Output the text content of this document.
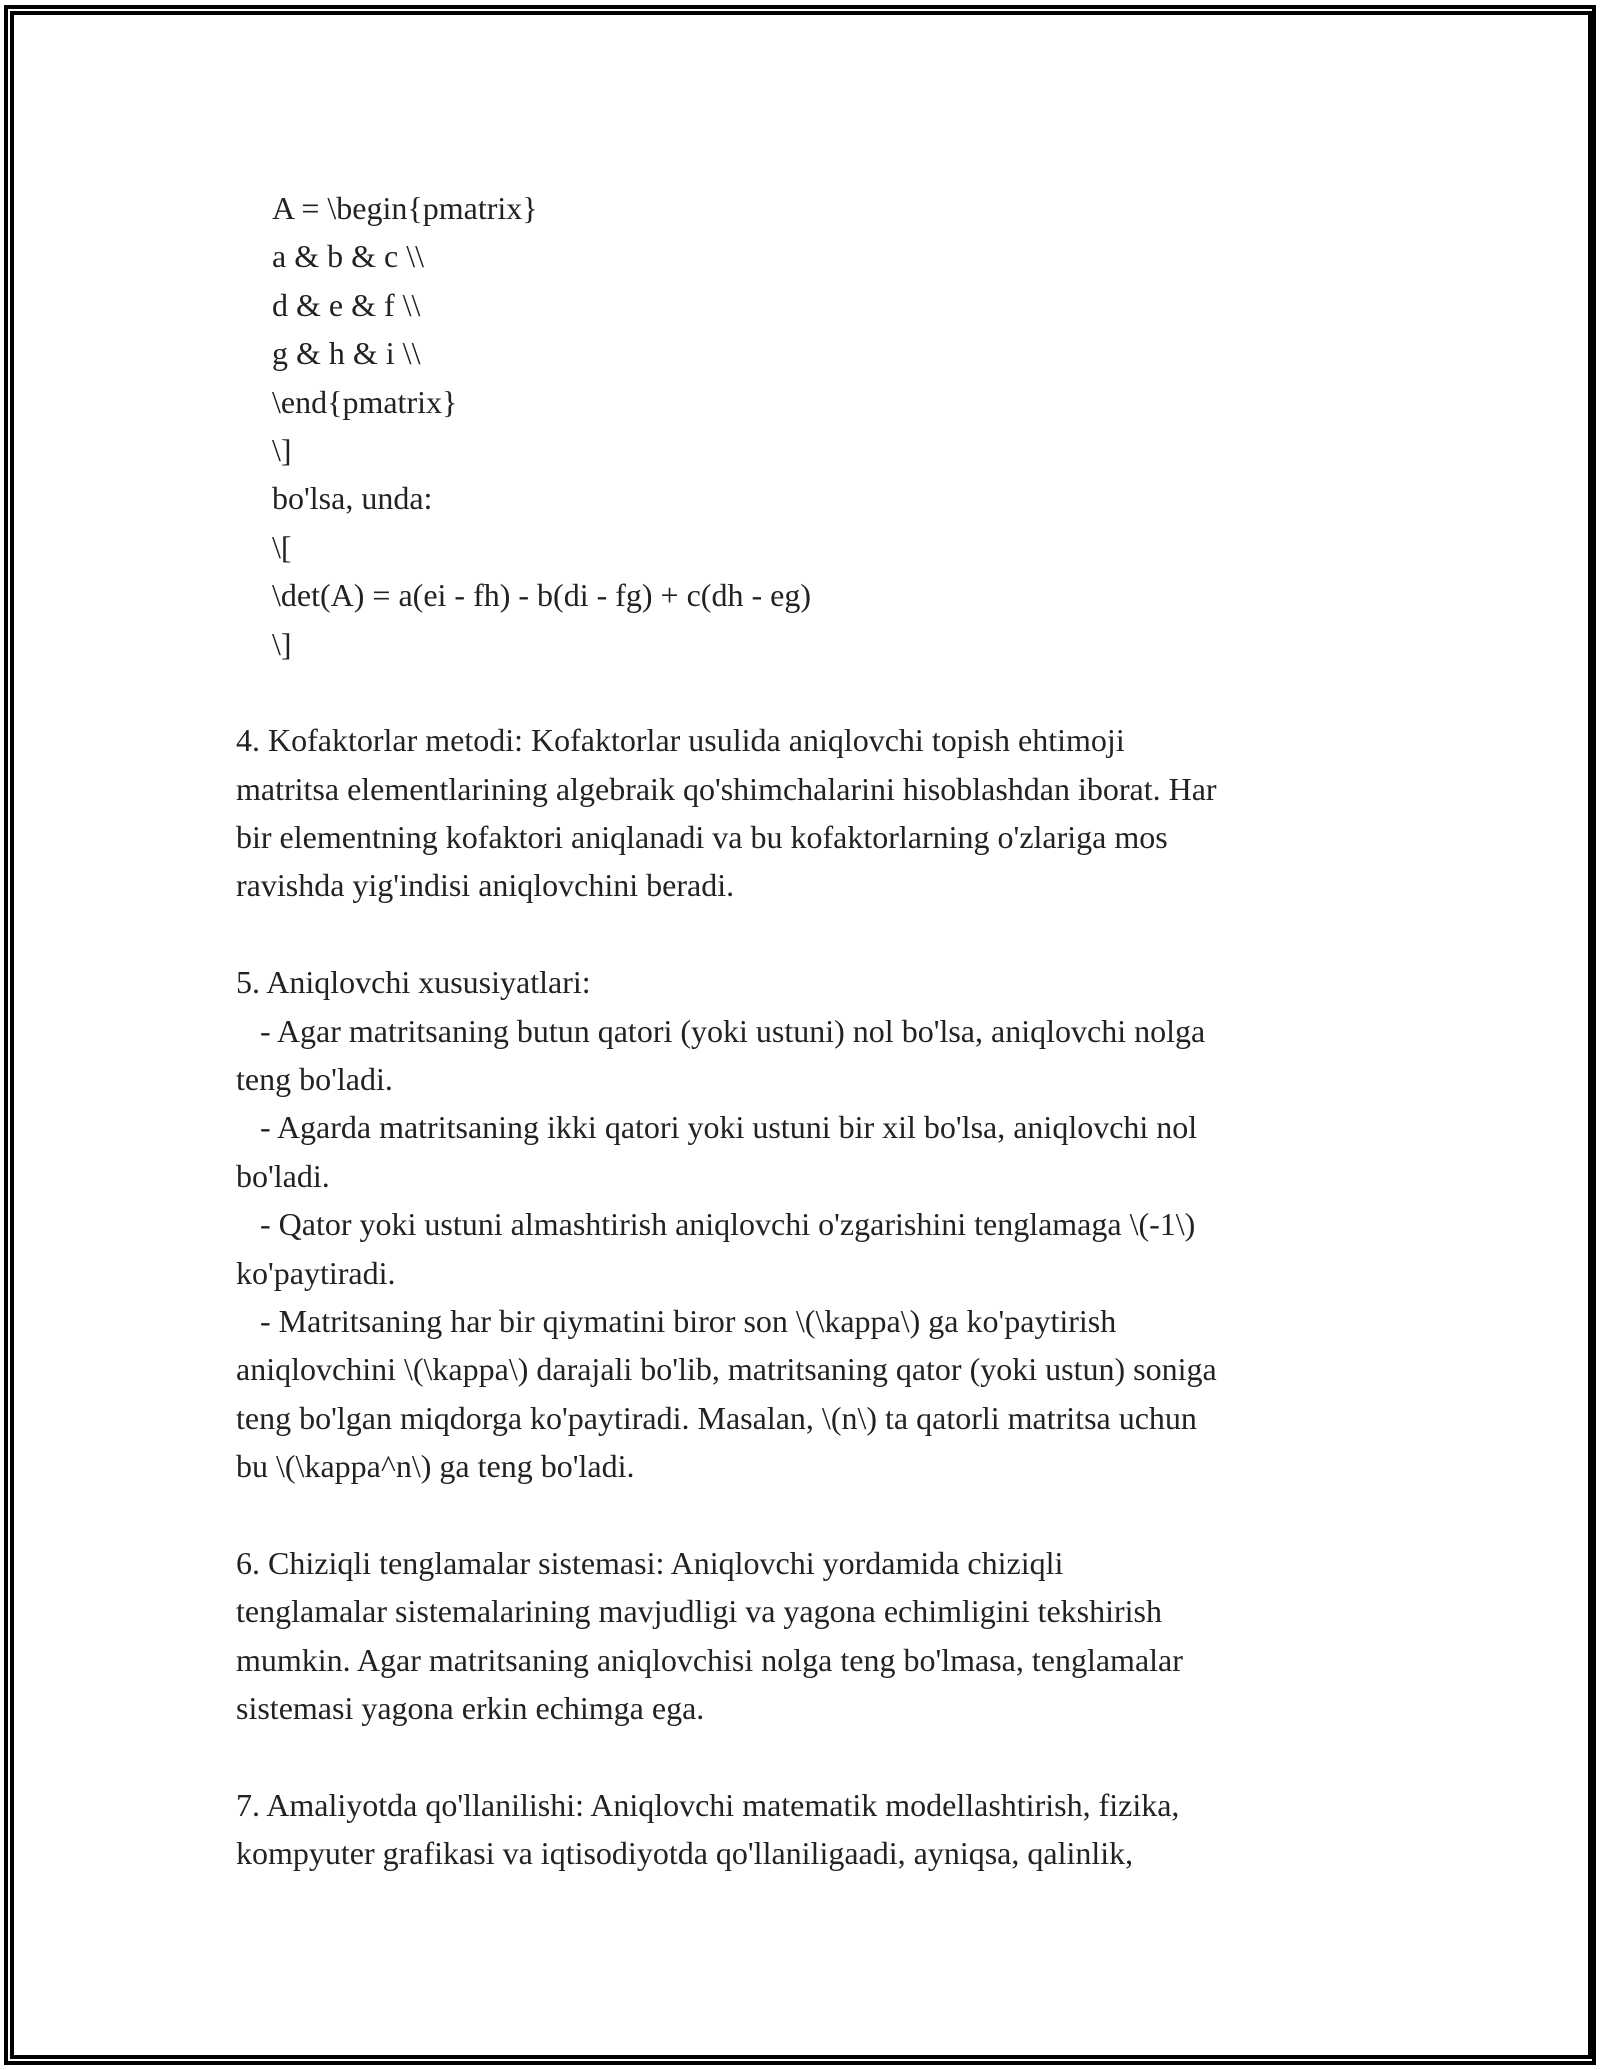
A = \begin{pmatrix}
a & b & c \\
d & e & f \\
g & h & i \\
\end{pmatrix}
\]
bo'lsa, unda:
\[
\det(A) = a(ei - fh) - b(di - fg) + c(dh - eg)
\]
4. Kofaktorlar metodi: Kofaktorlar usulida aniqlovchi topish ehtimoji
matritsa elementlarining algebraik qo'shimchalarini hisoblashdan iborat. Har
bir elementning kofaktori aniqlanadi va bu kofaktorlarning o'zlariga mos
ravishda yig'indisi aniqlovchini beradi.
5. Aniqlovchi xususiyatlari:
- Agar matritsaning butun qatori (yoki ustuni) nol bo'lsa, aniqlovchi nolga
teng bo'ladi.
- Agarda matritsaning ikki qatori yoki ustuni bir xil bo'lsa, aniqlovchi nol
bo'ladi.
- Qator yoki ustuni almashtirish aniqlovchi o'zgarishini tenglamaga \(-1\)
ko'paytiradi.
- Matritsaning har bir qiymatini biror son \(\kappa\) ga ko'paytirish
aniqlovchini \(\kappa\) darajali bo'lib, matritsaning qator (yoki ustun) soniga
teng bo'lgan miqdorga ko'paytiradi. Masalan, \(n\) ta qatorli matritsa uchun
bu \(\kappa^n\) ga teng bo'ladi.
6. Chiziqli tenglamalar sistemasi: Aniqlovchi yordamida chiziqli
tenglamalar sistemalarining mavjudligi va yagona echimligini tekshirish
mumkin. Agar matritsaning aniqlovchisi nolga teng bo'lmasa, tenglamalar
sistemasi yagona erkin echimga ega.
7. Amaliyotda qo'llanilishi: Aniqlovchi matematik modellashtirish, fizika,
kompyuter grafikasi va iqtisodiyotda qo'llaniligaadi, ayniqsa, qalinlik,
